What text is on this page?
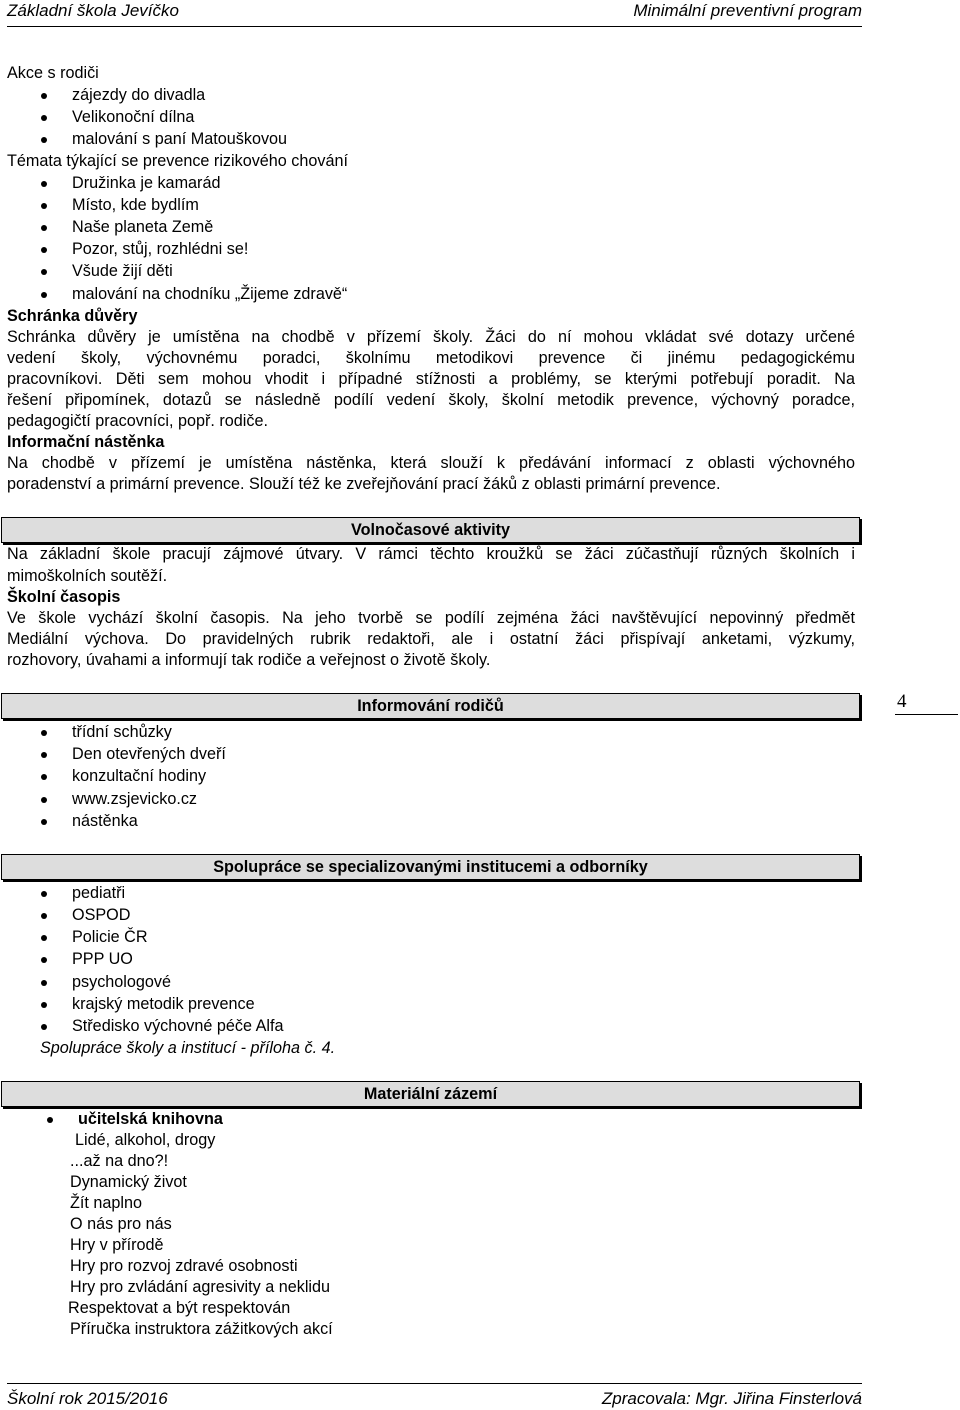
Základní škola Jevíčko	Minimální preventivní program
Akce s rodiči
zájezdy do divadla
Velikonoční dílna
malování s paní Matouškovou
Témata týkající se prevence rizikového chování
Družinka je kamarád
Místo, kde bydlím
Naše planeta Země
Pozor, stůj, rozhlédni se!
Všude žijí děti
malování na chodníku „Žijeme zdravě“
Schránka důvěry
Schránka důvěry je umístěna na chodbě v přízemí školy. Žáci do ní mohou vkládat své dotazy určené
vedení školy, výchovnému poradci, školnímu metodikovi prevence či jinému pedagogickému
pracovníkovi. Děti sem mohou vhodit i případné stížnosti a problémy, se kterými potřebují poradit. Na
řešení připomínek, dotazů se následně podílí vedení školy, školní metodik prevence, výchovný poradce,
pedagogičtí pracovníci, popř. rodiče.
Informační nástěnka
Na chodbě v přízemí je umístěna nástěnka, která slouží k předávání informací z oblasti výchovného
poradenství a primární prevence. Slouží též ke zveřejňování prací žáků z oblasti primární prevence.
Volnočasové aktivity
Na základní škole pracují zájmové útvary. V rámci těchto kroužků se žáci zúčastňují různých školních i
mimoškolních soutěží.
Školní časopis
Ve škole vychází školní časopis. Na jeho tvorbě se podílí zejména žáci navštěvující nepovinný předmět
Mediální výchova. Do pravidelných rubrik redaktoři, ale i ostatní žáci přispívají anketami, výzkumy,
rozhovory, úvahami a informují tak rodiče a veřejnost o životě školy.
Informování rodičů	4
třídní schůzky
Den otevřených dveří
konzultační hodiny
www.zsjevicko.cz
nástěnka
Spolupráce se specializovanými institucemi a odborníky
pediatři
OSPOD
Policie ČR
PPP UO
psychologové
krajský metodik prevence
Středisko výchovné péče Alfa
Spolupráce školy a institucí - příloha č. 4.
Materiální zázemí
učitelská knihovna
Lidé, alkohol, drogy
...až na dno?!
Dynamický život
Žít naplno
O nás pro nás
Hry v přírodě
Hry pro rozvoj zdravé osobnosti
Hry pro zvládání agresivity a neklidu
Respektovat a být respektován
Příručka instruktora zážitkových akcí
Školní rok 2015/2016	Zpracovala: Mgr. Jiřina Finsterlová
